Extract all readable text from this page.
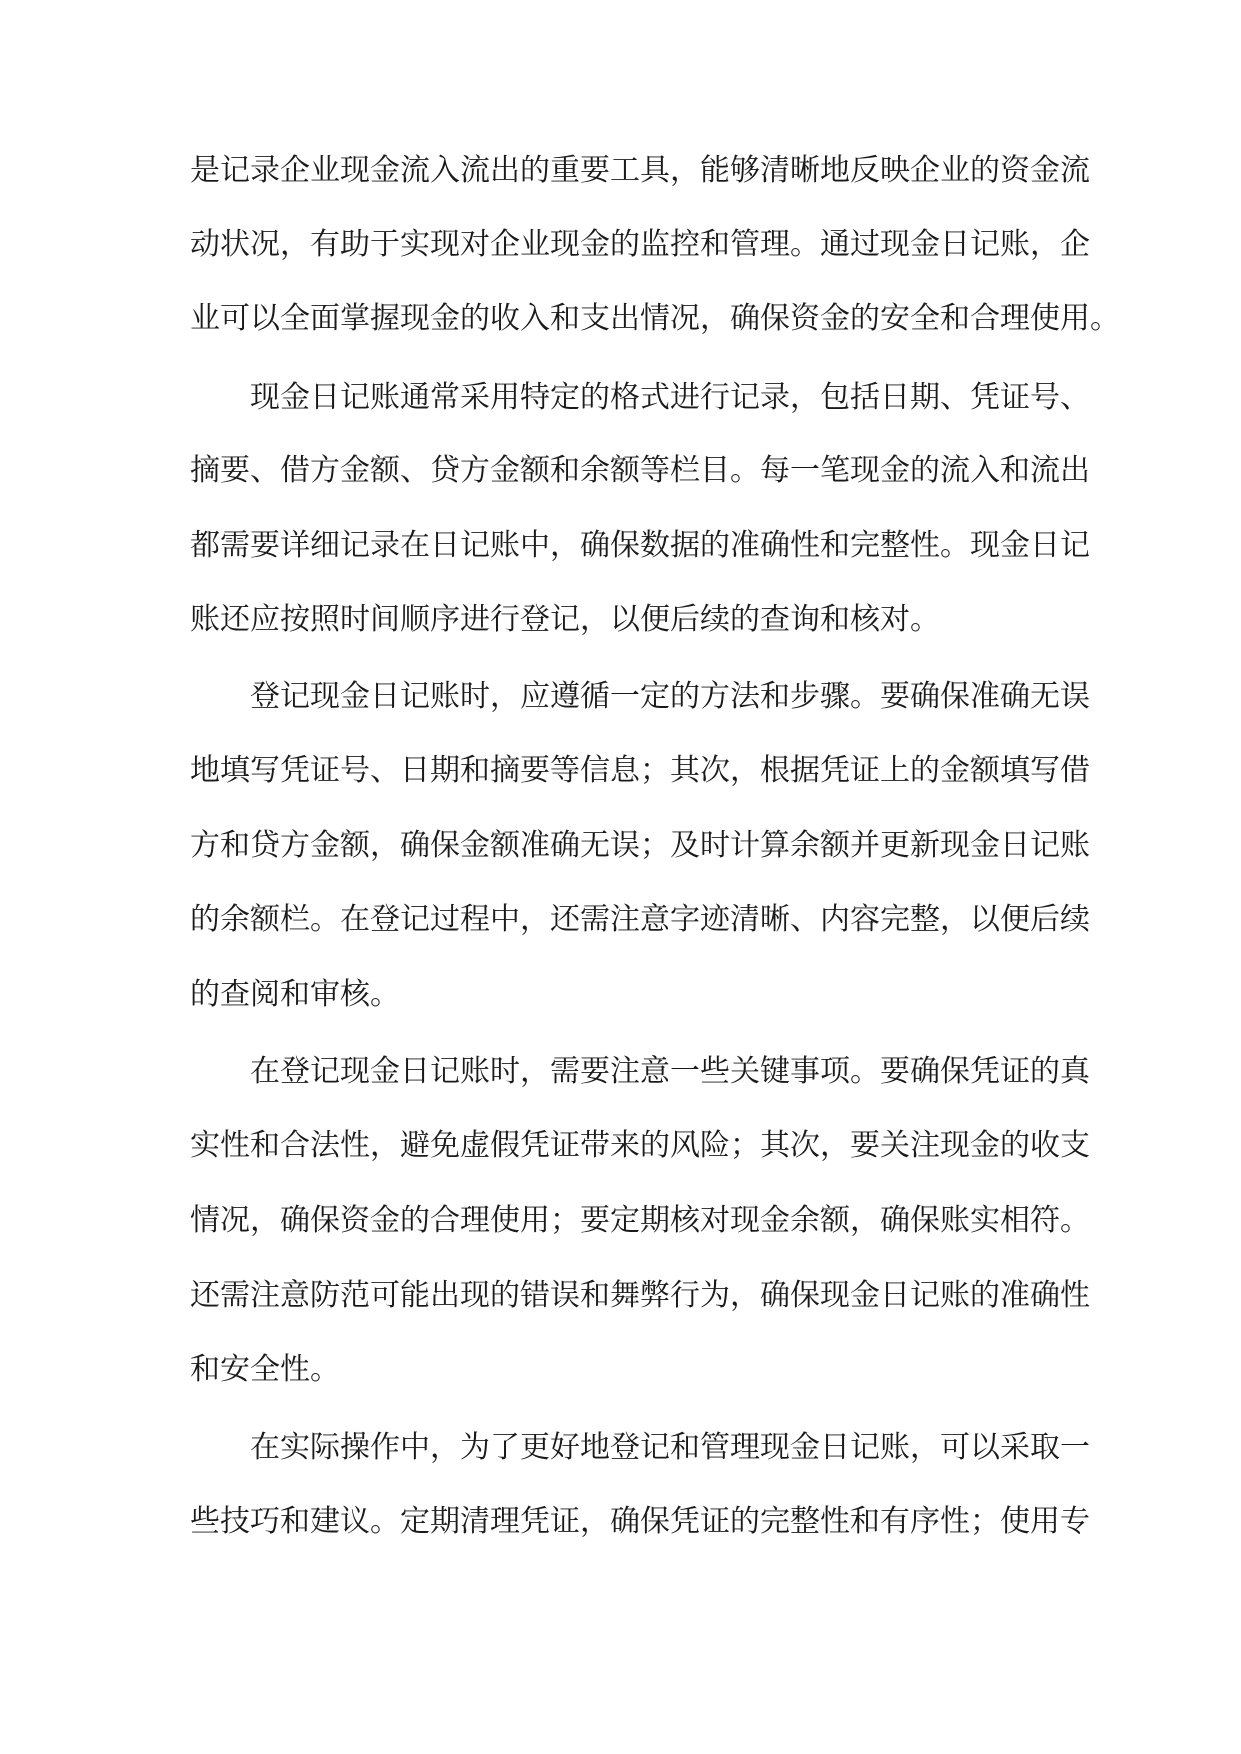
是记录企业现金流入流出的重要工具，能够清晰地反映企业的资金流
动状况，有助于实现对企业现金的监控和管理。通过现金日记账，企
业可以全面掌握现金的收入和支出情况，确保资金的安全和合理使用。
现金日记账通常采用特定的格式进行记录，包括日期、凭证号、
摘要、借方金额、贷方金额和余额等栏目。每一笔现金的流入和流出
都需要详细记录在日记账中，确保数据的准确性和完整性。现金日记
账还应按照时间顺序进行登记，以便后续的查询和核对。
登记现金日记账时，应遵循一定的方法和步骤。要确保准确无误
地填写凭证号、日期和摘要等信息；其次，根据凭证上的金额填写借
方和贷方金额，确保金额准确无误；及时计算余额并更新现金日记账
的余额栏。在登记过程中，还需注意字迹清晰、内容完整，以便后续
的查阅和审核。
在登记现金日记账时，需要注意一些关键事项。要确保凭证的真
实性和合法性，避免虚假凭证带来的风险；其次，要关注现金的收支
情况，确保资金的合理使用；要定期核对现金余额，确保账实相符。
还需注意防范可能出现的错误和舞弊行为，确保现金日记账的准确性
和安全性。
在实际操作中，为了更好地登记和管理现金日记账，可以采取一
些技巧和建议。定期清理凭证，确保凭证的完整性和有序性；使用专
